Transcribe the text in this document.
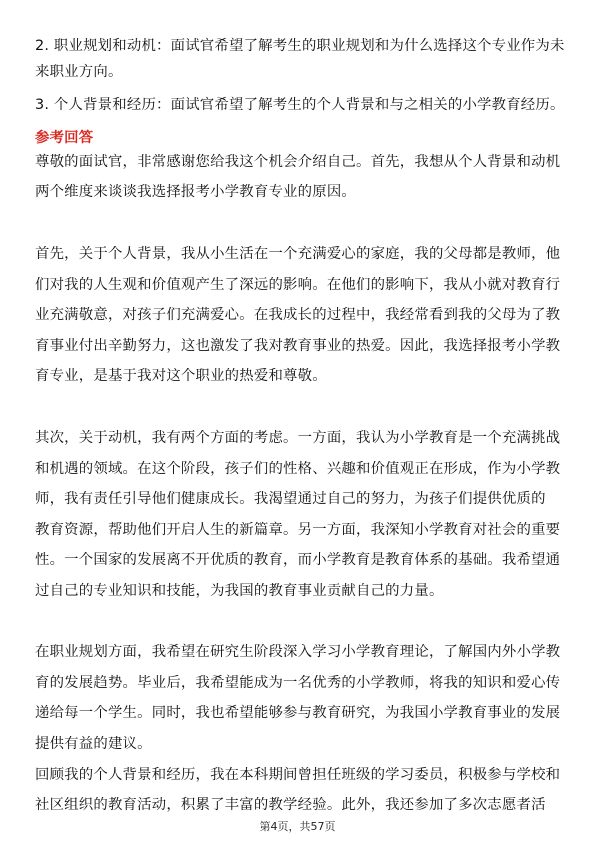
2. 职业规划和动机：面试官希望了解考生的职业规划和为什么选择这个专业作为未
来职业方向。
3. 个人背景和经历：面试官希望了解考生的个人背景和与之相关的小学教育经历。
参考回答
尊敬的面试官，非常感谢您给我这个机会介绍自己。首先，我想从个人背景和动机
两个维度来谈谈我选择报考小学教育专业的原因。
首先，关于个人背景，我从小生活在一个充满爱心的家庭，我的父母都是教师，他
们对我的人生观和价值观产生了深远的影响。在他们的影响下，我从小就对教育行
业充满敬意，对孩子们充满爱心。在我成长的过程中，我经常看到我的父母为了教
育事业付出辛勤努力，这也激发了我对教育事业的热爱。因此，我选择报考小学教
育专业，是基于我对这个职业的热爱和尊敬。
其次，关于动机，我有两个方面的考虑。一方面，我认为小学教育是一个充满挑战
和机遇的领域。在这个阶段，孩子们的性格、兴趣和价值观正在形成，作为小学教
师，我有责任引导他们健康成长。我渴望通过自己的努力，为孩子们提供优质的
教育资源，帮助他们开启人生的新篇章。另一方面，我深知小学教育对社会的重要
性。一个国家的发展离不开优质的教育，而小学教育是教育体系的基础。我希望通
过自己的专业知识和技能，为我国的教育事业贡献自己的力量。
在职业规划方面，我希望在研究生阶段深入学习小学教育理论，了解国内外小学教
育的发展趋势。毕业后，我希望能成为一名优秀的小学教师，将我的知识和爱心传
递给每一个学生。同时，我也希望能够参与教育研究，为我国小学教育事业的发展
提供有益的建议。
回顾我的个人背景和经历，我在本科期间曾担任班级的学习委员，积极参与学校和
社区组织的教育活动，积累了丰富的教学经验。此外，我还参加了多次志愿者活
第4页，共57页
